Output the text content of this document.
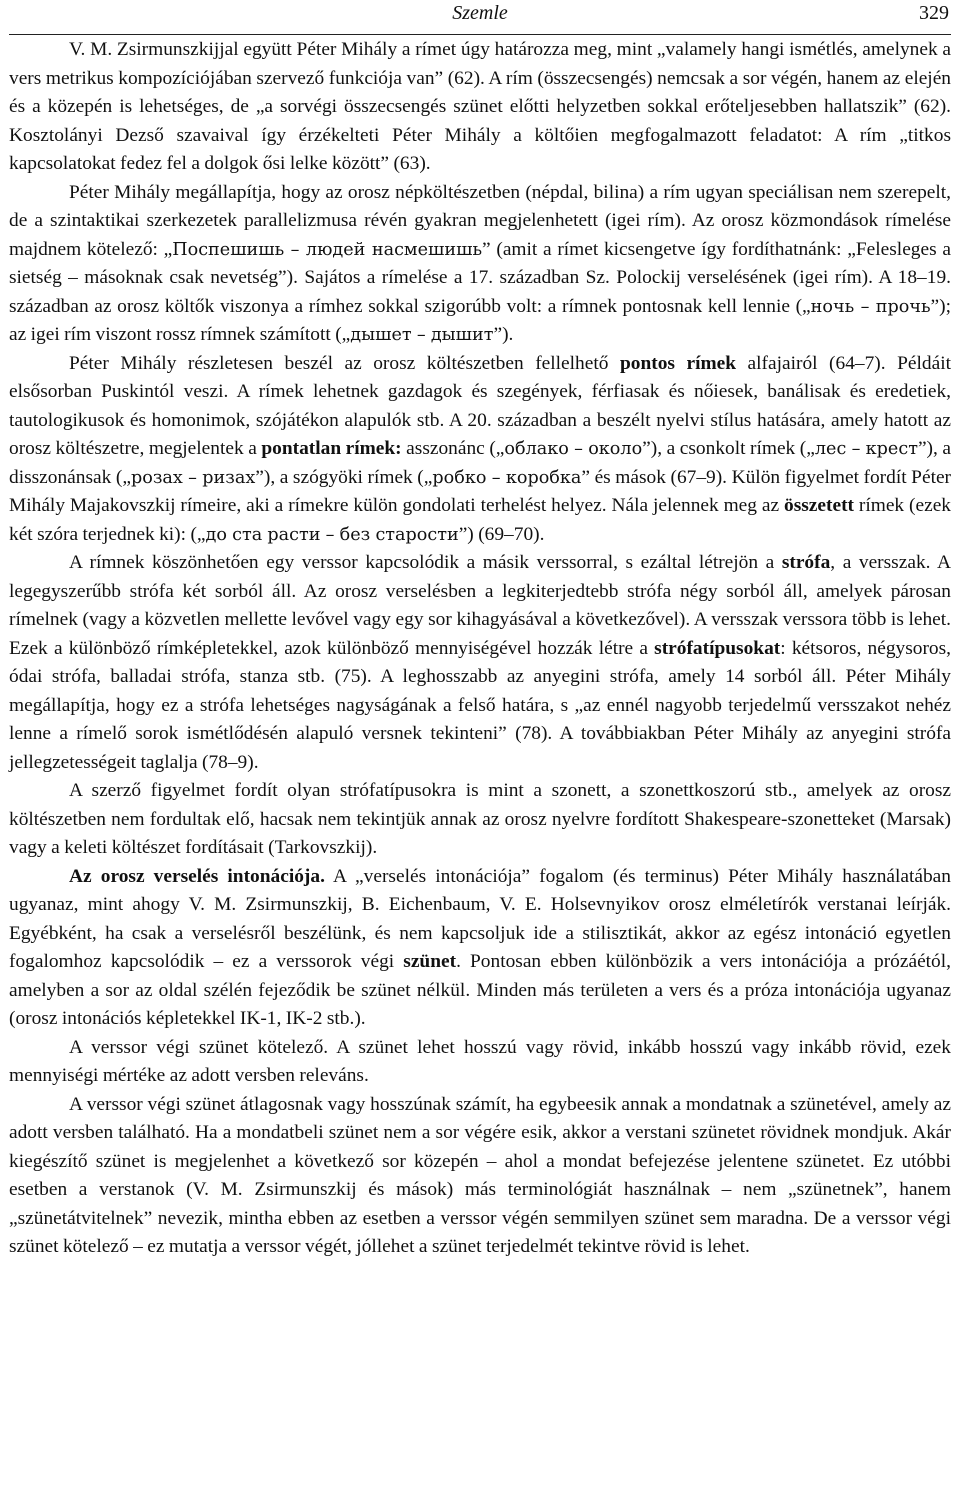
Szemle	329

V. M. Zsirmunszkijjal együtt Péter Mihály a rímet úgy határozza meg, mint „valamely hangi ismétlés, amelynek a vers metrikus kompozíciójában szervező funkciója van” (62). A rím (összecsengés) nemcsak a sor végén, hanem az elején és a közepén is lehetséges, de „a sorvégi összecsengés szünet előtti helyzetben sokkal erőteljesebben hallatszik” (62). Kosztolányi Dezső szavaival így érzékelteti Péter Mihály a költőien megfogalmazott feladatot: A rím „titkos kapcsolatokat fedez fel a dolgok ősi lelke között” (63).

Péter Mihály megállapítja, hogy az orosz népköltészetben (népdal, bilina) a rím ugyan speciálisan nem szerepelt, de a szintaktikai szerkezetek parallelizmusa révén gyakran megjelenhetett (igei rím). Az orosz közmondások rímelése majdnem kötelező: „Поспешишь – людей насмешишь” (amit a rímet kicsengetve így fordíthatnánk: „Felesleges a sietség – másoknak csak nevetség”). Sajátos a rímelése a 17. században Sz. Polockij verselésének (igei rím). A 18–19. században az orosz költők viszonya a rímhez sokkal szigorúbb volt: a rímnek pontosnak kell lennie („ночь – прочь”); az igei rím viszont rossz rímnek számított („дышет – дышит”).

Péter Mihály részletesen beszél az orosz költészetben fellelhető pontos rímek alfajairól (64–7). Példáit elsősorban Puskintól veszi. A rímek lehetnek gazdagok és szegények, férfiasak és nőiesek, banálisak és eredetiek, tautologikusok és homonimok, szójátékon alapulók stb. A 20. században a beszélt nyelvi stílus hatására, amely hatott az orosz költészetre, megjelentek a pontatlan rímek: asszonánc („облако – около”), a csonkolt rímek („лес – крест”), a disszonánsak („розах – ризах”), a szógyöki rímek („робко – коробка” és mások (67–9). Külön figyelmet fordít Péter Mihály Majakovszkij rímeire, aki a rímekre külön gondolati terhelést helyez. Nála jelennek meg az összetett rímek (ezek két szóra terjednek ki): („до ста расти – без старости”) (69–70).

A rímnek köszönhetően egy verssor kapcsolódik a másik verssorral, s ezáltal létrejön a strófa, a versszak. A legegyszerűbb strófa két sorból áll. Az orosz verselésben a legkiterjedtebb strófa négy sorból áll, amelyek párosan rímelnek (vagy a közvetlen mellette levővel vagy egy sor kihagyásával a következővel). A versszak verssora több is lehet. Ezek a különböző rímképletekkel, azok különböző mennyiségével hozzák létre a strófatípusokat: kétsoros, négysoros, ódai strófa, balladai strófa, stanza stb. (75). A leghosszabb az anyegini strófa, amely 14 sorból áll. Péter Mihály megállapítja, hogy ez a strófa lehetséges nagyságának a felső határa, s „az ennél nagyobb terjedelmű versszakot nehéz lenne a rímelő sorok ismétlődésén alapuló versnek tekinteni” (78). A továbbiakban Péter Mihály az anyegini strófa jellegzetességeit taglalja (78–9).

A szerző figyelmet fordít olyan strófatípusokra is mint a szonett, a szonettkoszorú stb., amelyek az orosz költészetben nem fordultak elő, hacsak nem tekintjük annak az orosz nyelvre fordított Shakespeare-szonetteket (Marsak) vagy a keleti költészet fordításait (Tarkovszkij).

Az orosz verselés intonációja. A „verselés intonációja” fogalom (és terminus) Péter Mihály használatában ugyanaz, mint ahogy V. M. Zsirmunszkij, B. Eichenbaum, V. E. Holsevnyikov orosz elméletírók verstanai leírják. Egyébként, ha csak a verselésről beszélünk, és nem kapcsoljuk ide a stilisztikát, akkor az egész intonáció egyetlen fogalomhoz kapcsolódik – ez a verssorok végi szünet. Pontosan ebben különbözik a vers intonációja a prózáétól, amelyben a sor az oldal szélén fejeződik be szünet nélkül. Minden más területen a vers és a próza intonációja ugyanaz (orosz intonációs képletekkel IK-1, IK-2 stb.).

A verssor végi szünet kötelező. A szünet lehet hosszú vagy rövid, inkább hosszú vagy inkább rövid, ezek mennyiségi mértéke az adott versben releváns.

A verssor végi szünet átlagosnak vagy hosszúnak számít, ha egybeesik annak a mondatnak a szünetével, amely az adott versben található. Ha a mondatbeli szünet nem a sor végére esik, akkor a verstani szünetet rövidnek mondjuk. Akár kiegészítő szünet is megjelenhet a következő sor közepén – ahol a mondat befejezése jelentene szünetet. Ez utóbbi esetben a verstanok (V. M. Zsirmunszkij és mások) más terminológiát használnak – nem „szünetnek”, hanem „szünetátvitelnek” nevezik, mintha ebben az esetben a verssor végén semmilyen szünet sem maradna. De a verssor végi szünet kötelező – ez mutatja a verssor végét, jóllehet a szünet terjedelmét tekintve rövid is lehet.
